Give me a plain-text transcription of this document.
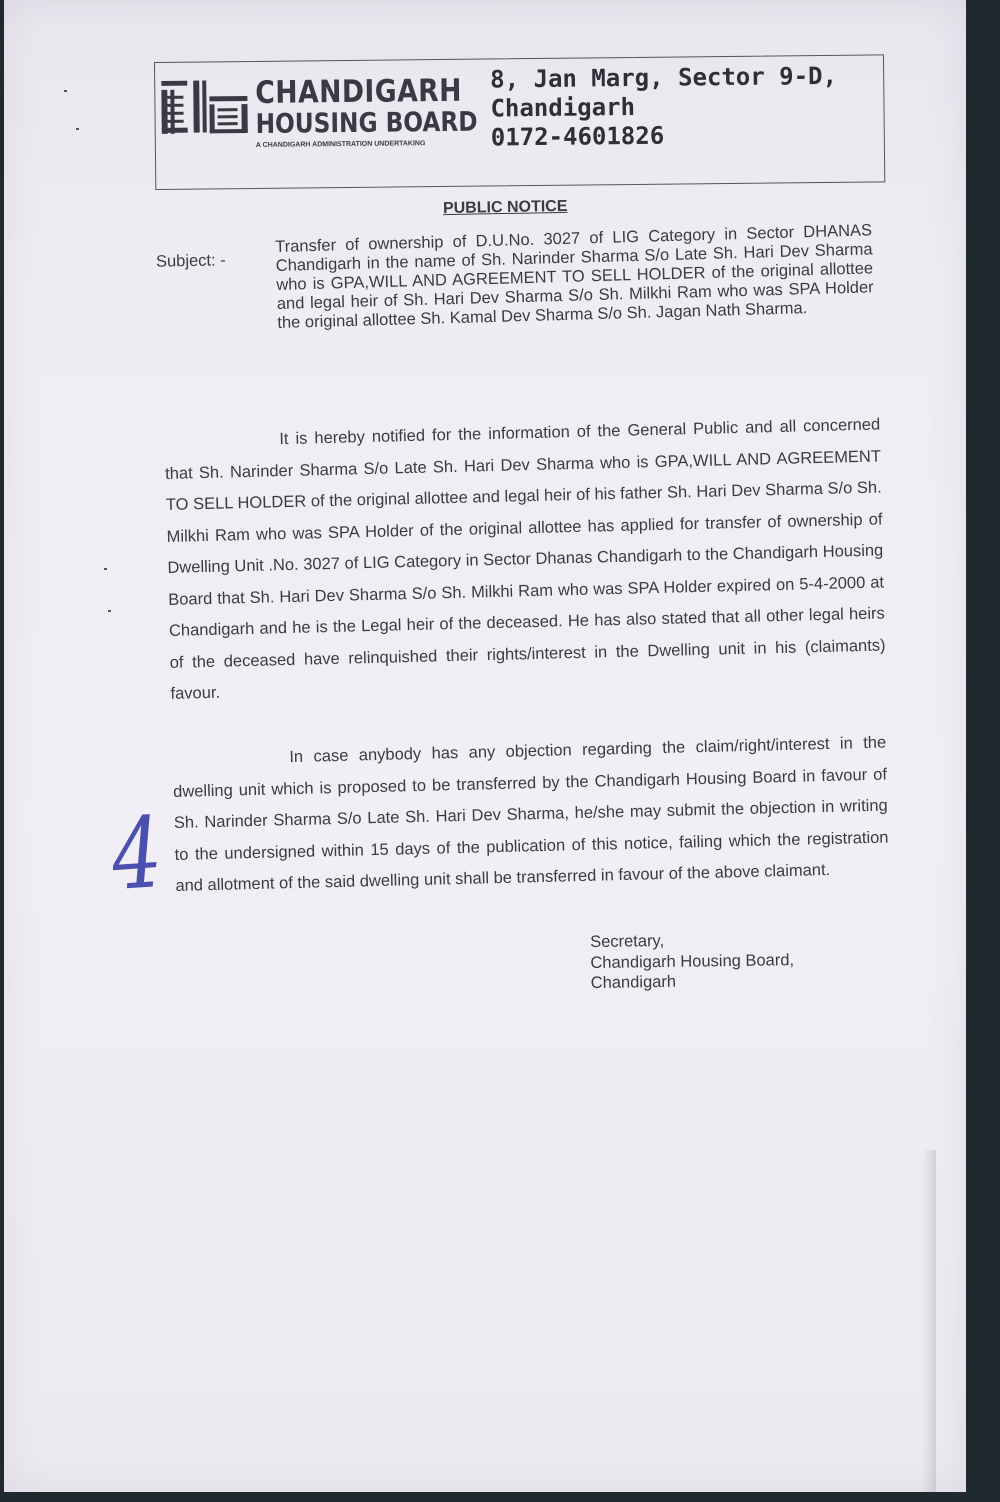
CHANDIGARH
HOUSING BOARD
A CHANDIGARH ADMINISTRATION UNDERTAKING
8, Jan Marg, Sector 9-D,
Chandigarh
0172-4601826
PUBLIC NOTICE
Subject: -
Transfer of ownership of D.U.No. 3027 of LIG Category in Sector DHANAS Chandigarh in the name of Sh. Narinder Sharma S/o Late Sh. Hari Dev Sharma who is GPA,WILL AND AGREEMENT TO SELL HOLDER of the original allottee and legal heir of Sh. Hari Dev Sharma S/o Sh. Milkhi Ram who was SPA Holder the original allottee Sh. Kamal Dev Sharma S/o Sh. Jagan Nath Sharma.
It is hereby notified for the information of the General Public and all concerned that Sh. Narinder Sharma S/o Late Sh. Hari Dev Sharma who is GPA,WILL AND AGREEMENT TO SELL HOLDER of the original allottee and legal heir of his father Sh. Hari Dev Sharma S/o Sh. Milkhi Ram who was SPA Holder of the original allottee has applied for transfer of ownership of Dwelling Unit .No. 3027 of LIG Category in Sector Dhanas Chandigarh to the Chandigarh Housing Board that Sh. Hari Dev Sharma S/o Sh. Milkhi Ram who was SPA Holder expired on 5-4-2000 at Chandigarh and he is the Legal heir of the deceased. He has also stated that all other legal heirs of the deceased have relinquished their rights/interest in the Dwelling unit in his (claimants) favour.
In case anybody has any objection regarding the claim/right/interest in the dwelling unit which is proposed to be transferred by the Chandigarh Housing Board in favour of Sh. Narinder Sharma S/o Late Sh. Hari Dev Sharma, he/she may submit the objection in writing to the undersigned within 15 days of the publication of this notice, failing which the registration and allotment of the said dwelling unit shall be transferred in favour of the above claimant.
Secretary,
Chandigarh Housing Board,
Chandigarh
4
